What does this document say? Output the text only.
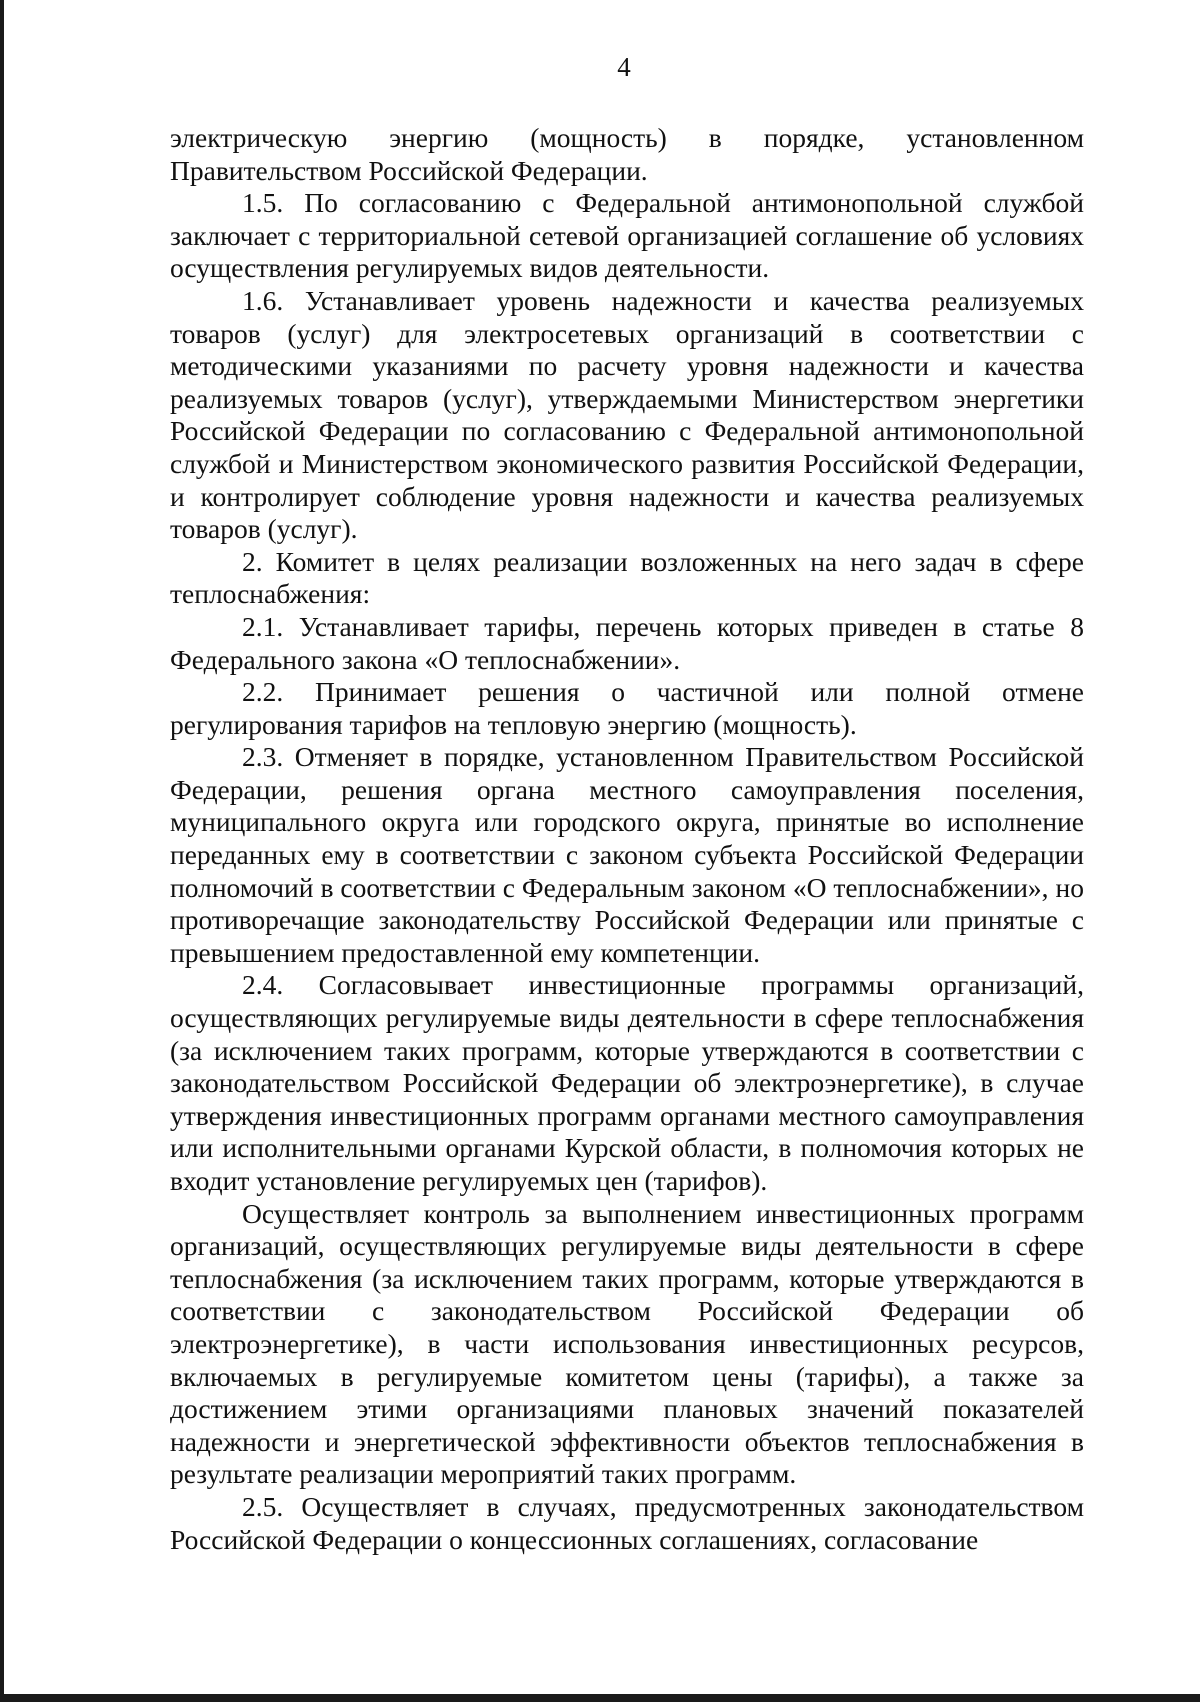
4

электрическую энергию (мощность) в порядке, установленном Правительством Российской Федерации.

1.5. По согласованию с Федеральной антимонопольной службой заключает с территориальной сетевой организацией соглашение об условиях осуществления регулируемых видов деятельности.

1.6. Устанавливает уровень надежности и качества реализуемых товаров (услуг) для электросетевых организаций в соответствии с методическими указаниями по расчету уровня надежности и качества реализуемых товаров (услуг), утверждаемыми Министерством энергетики Российской Федерации по согласованию с Федеральной антимонопольной службой и Министерством экономического развития Российской Федерации, и контролирует соблюдение уровня надежности и качества реализуемых товаров (услуг).

2. Комитет в целях реализации возложенных на него задач в сфере теплоснабжения:

2.1. Устанавливает тарифы, перечень которых приведен в статье 8 Федерального закона «О теплоснабжении».

2.2. Принимает решения о частичной или полной отмене регулирования тарифов на тепловую энергию (мощность).

2.3. Отменяет в порядке, установленном Правительством Российской Федерации, решения органа местного самоуправления поселения, муниципального округа или городского округа, принятые во исполнение переданных ему в соответствии с законом субъекта Российской Федерации полномочий в соответствии с Федеральным законом «О теплоснабжении», но противоречащие законодательству Российской Федерации или принятые с превышением предоставленной ему компетенции.

2.4. Согласовывает инвестиционные программы организаций, осуществляющих регулируемые виды деятельности в сфере теплоснабжения (за исключением таких программ, которые утверждаются в соответствии с законодательством Российской Федерации об электроэнергетике), в случае утверждения инвестиционных программ органами местного самоуправления или исполнительными органами Курской области, в полномочия которых не входит установление регулируемых цен (тарифов).

Осуществляет контроль за выполнением инвестиционных программ организаций, осуществляющих регулируемые виды деятельности в сфере теплоснабжения (за исключением таких программ, которые утверждаются в соответствии с законодательством Российской Федерации об электроэнергетике), в части использования инвестиционных ресурсов, включаемых в регулируемые комитетом цены (тарифы), а также за достижением этими организациями плановых значений показателей надежности и энергетической эффективности объектов теплоснабжения в результате реализации мероприятий таких программ.

2.5. Осуществляет в случаях, предусмотренных законодательством Российской Федерации о концессионных соглашениях, согласование
